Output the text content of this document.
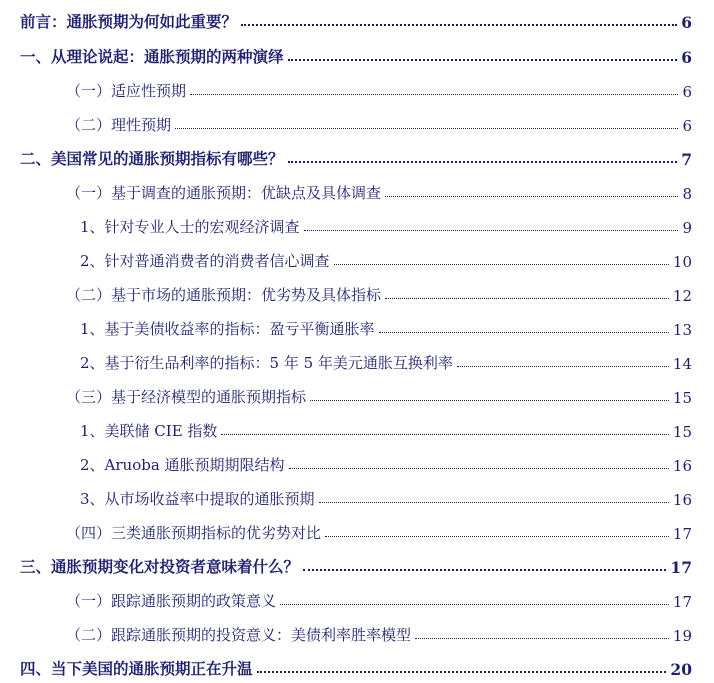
前言：通胀预期为何如此重要？	6
一、从理论说起：通胀预期的两种演绎	6
（一）适应性预期	6
（二）理性预期	6
二、美国常见的通胀预期指标有哪些？	7
（一）基于调查的通胀预期：优缺点及具体调查	8
1、针对专业人士的宏观经济调查	9
2、针对普通消费者的消费者信心调查	10
（二）基于市场的通胀预期：优劣势及具体指标	12
1、基于美债收益率的指标：盈亏平衡通胀率	13
2、基于衍生品利率的指标：5 年 5 年美元通胀互换利率	14
（三）基于经济模型的通胀预期指标	15
1、美联储 CIE 指数	15
2、Aruoba 通胀预期期限结构	16
3、从市场收益率中提取的通胀预期	16
（四）三类通胀预期指标的优劣势对比	17
三、通胀预期变化对投资者意味着什么？	17
（一）跟踪通胀预期的政策意义	17
（二）跟踪通胀预期的投资意义：美债利率胜率模型	19
四、当下美国的通胀预期正在升温	20
